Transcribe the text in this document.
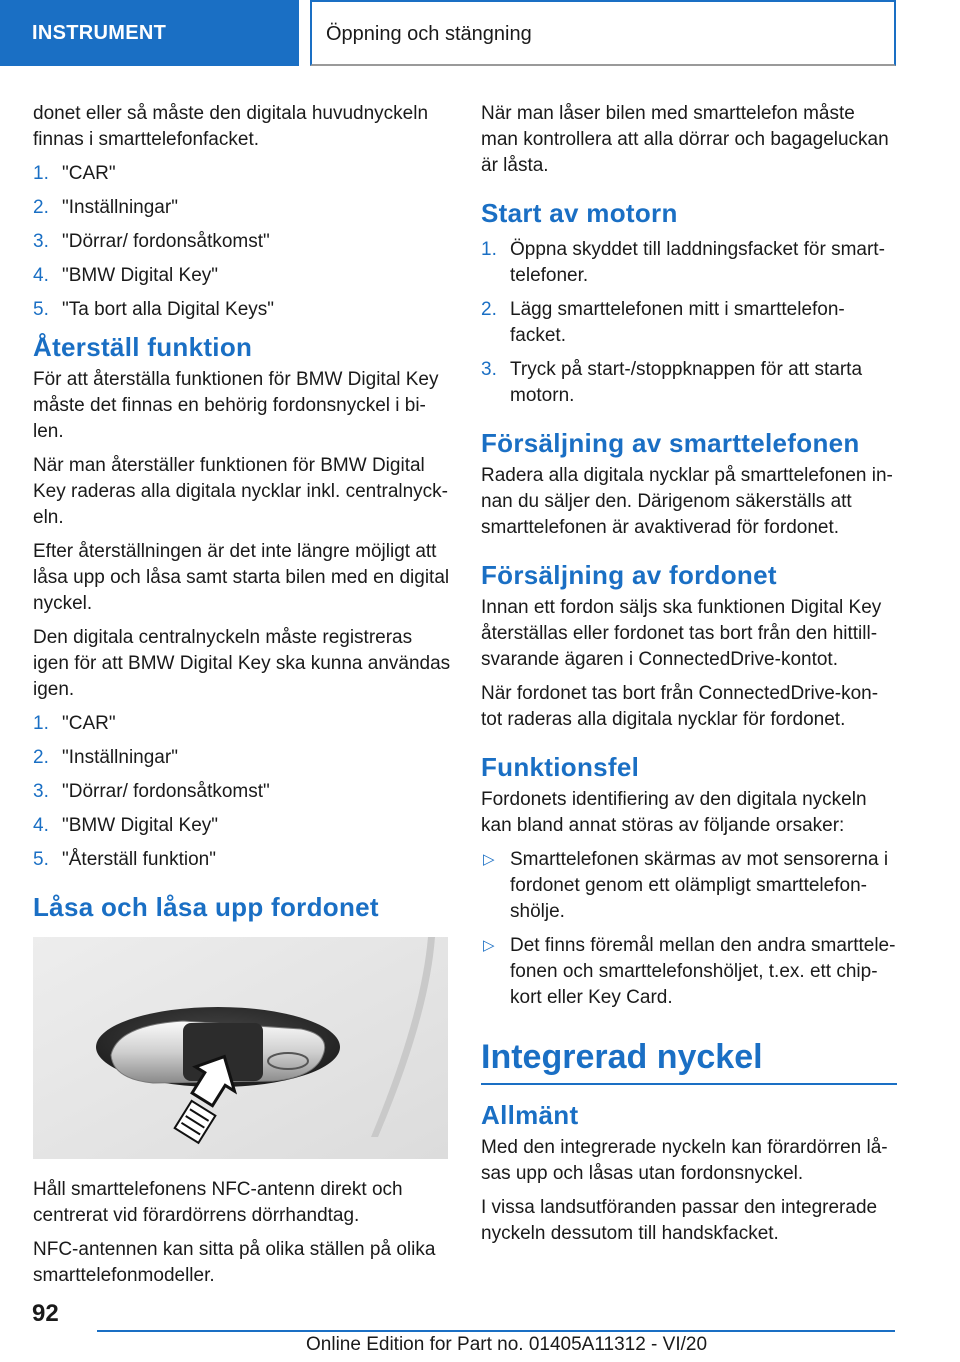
INSTRUMENT	Öppning och stängning

donet eller så måste den digitala huvudnyckeln finnas i smarttelefonfacket.

1. "CAR"
2. "Inställningar"
3. "Dörrar/ fordonsåtkomst"
4. "BMW Digital Key"
5. "Ta bort alla Digital Keys"
Återställ funktion

För att återställa funktionen för BMW Digital Key måste det finnas en behörig fordonsnyckel i bi-len.

När man återställer funktionen för BMW Digital Key raderas alla digitala nycklar inkl. centralnyck-eln.

Efter återställningen är det inte längre möjligt att låsa upp och låsa samt starta bilen med en digital nyckel.

Den digitala centralnyckeln måste registreras igen för att BMW Digital Key ska kunna användas igen.

1. "CAR"
2. "Inställningar"
3. "Dörrar/ fordonsåtkomst"
4. "BMW Digital Key"
5. "Återställ funktion"
Låsa och låsa upp fordonet

Håll smarttelefonens NFC-antenn direkt och centrerat vid förardörrens dörrhandtag.

NFC-antennen kan sitta på olika ställen på olika smarttelefonmodeller.

När man låser bilen med smarttelefon måste man kontrollera att alla dörrar och bagageluckan är låsta.

Start av motorn
1. Öppna skyddet till laddningsfacket för smart-telefoner.
2. Lägg smarttelefonen mitt i smarttelefon-facket.
3. Tryck på start-/stoppknappen för att starta motorn.
Försäljning av smarttelefonen

Radera alla digitala nycklar på smarttelefonen in-nan du säljer den. Därigenom säkerställs att smarttelefonen är avaktiverad för fordonet.

Försäljning av fordonet

Innan ett fordon säljs ska funktionen Digital Key återställas eller fordonet tas bort från den hittill-svarande ägaren i ConnectedDrive-kontot.

När fordonet tas bort från ConnectedDrive-kon-tot raderas alla digitala nycklar för fordonet.

Funktionsfel

Fordonets identifiering av den digitala nyckeln kan bland annat störas av följande orsaker:

▷ Smarttelefonen skärmas av mot sensorerna i fordonet genom ett olämpligt smarttelefon-shölje.
▷ Det finns föremål mellan den andra smarttele-fonen och smarttelefonshöljet, t.ex. ett chip-kort eller Key Card.
Integrerad nyckel
Allmänt

Med den integrerade nyckeln kan förardörren lå-sas upp och låsas utan fordonsnyckel.

I vissa landsutföranden passar den integrerade nyckeln dessutom till handskfacket.

92
Online Edition for Part no. 01405A11312 - VI/20
